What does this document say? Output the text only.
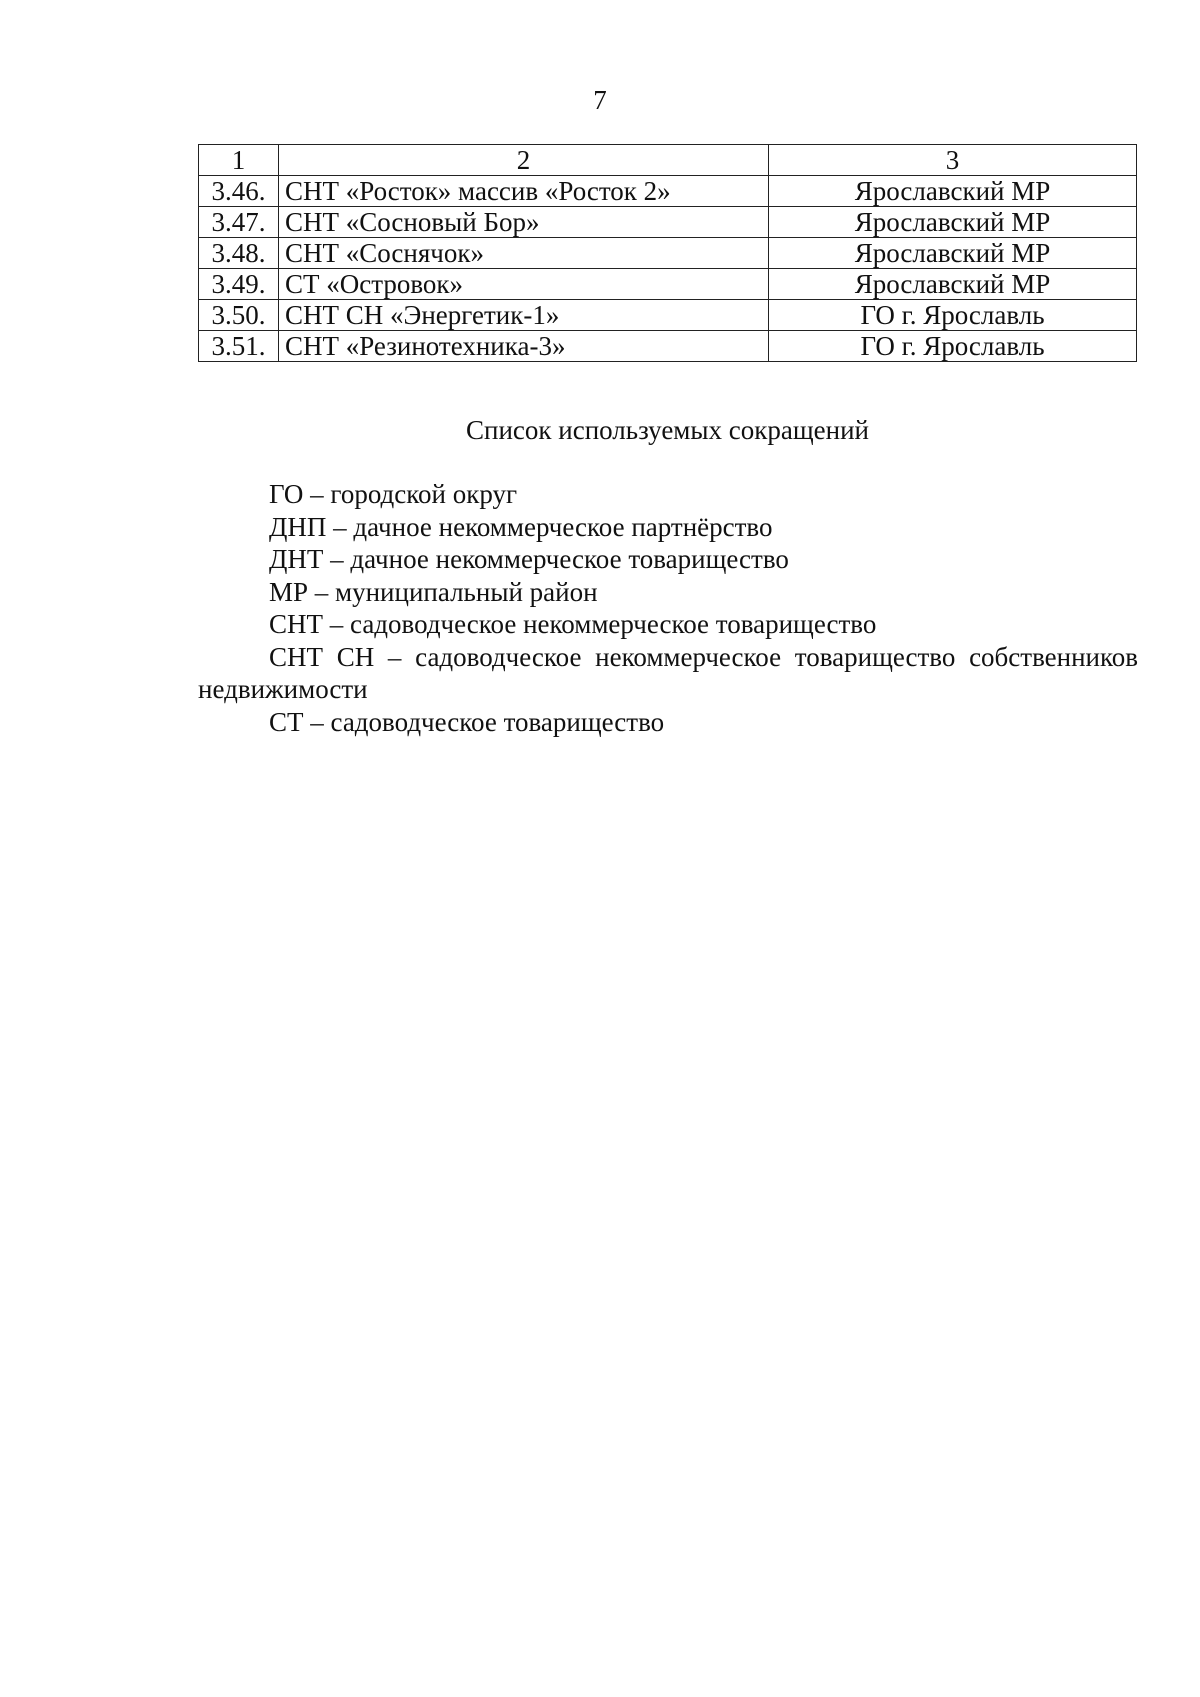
7
1	2	3
3.46.	СНТ «Росток» массив «Росток 2»	Ярославский МР
3.47.	СНТ «Сосновый Бор»	Ярославский МР
3.48.	СНТ «Соснячок»	Ярославский МР
3.49.	СТ «Островок»	Ярославский МР
3.50.	СНТ СН «Энергетик-1»	ГО г. Ярославль
3.51.	СНТ «Резинотехника-3»	ГО г. Ярославль
Список используемых сокращений
ГО – городской округ
ДНП – дачное некоммерческое партнёрство
ДНТ – дачное некоммерческое товарищество
МР – муниципальный район
СНТ – садоводческое некоммерческое товарищество
СНТ СН – садоводческое некоммерческое товарищество собственников недвижимости
СТ – садоводческое товарищество
